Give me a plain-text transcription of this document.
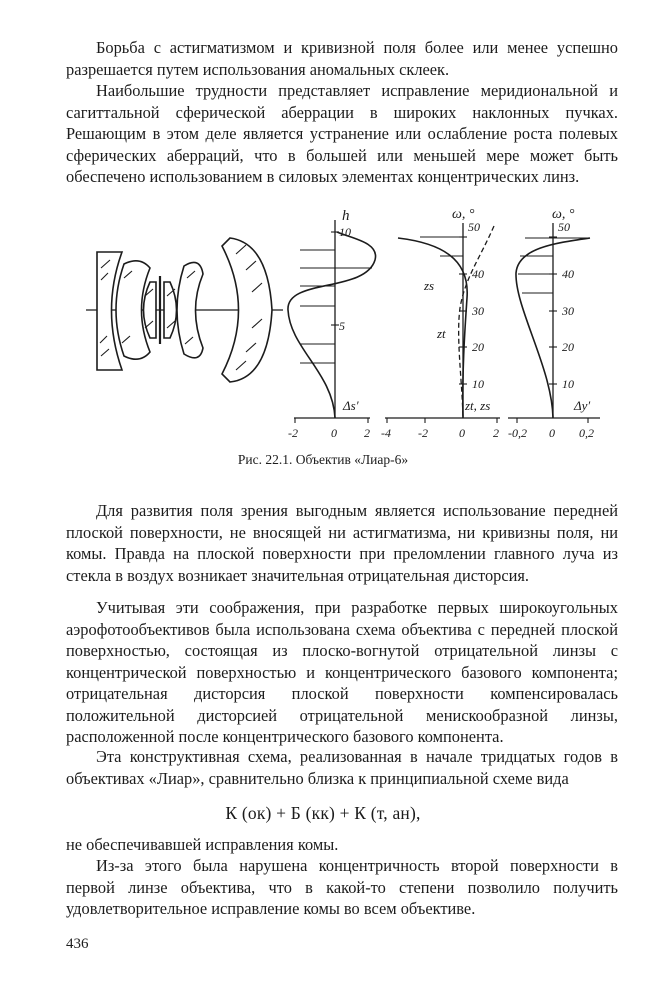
Борьба с астигматизмом и кривизной поля более или менее успешно разрешается путем использования аномальных склеек.

Наибольшие трудности представляет исправление меридиональной и сагиттальной сферической аберрации в широких наклонных пучках. Решающим в этом деле является устранение или ослабление роста полевых сферических аберраций, что в большей или меньшей мере может быть обеспечено использованием в силовых элементах концентрических линз.

h
10
5
Δs′
-2	0 2
ω, °
zs
zt
50
40
30
20
10
zt, zs
-4 -2	0 2
ω, °
50
40
30
20
10
Δy′
-0,2 0 0,2
Рис. 22.1. Объектив «Лиар-6»

Для развития поля зрения выгодным является использование передней плоской поверхности, не вносящей ни астигматизма, ни кривизны поля, ни комы. Правда на плоской поверхности при преломлении главного луча из стекла в воздух возникает значительная отрицательная дисторсия.

Учитывая эти соображения, при разработке первых широкоугольных аэрофотообъективов была использована схема объектива с передней плоской поверхностью, состоящая из плоско-вогнутой отрицательной линзы с концентрической поверхностью и концентрического базового компонента; отрицательная дисторсия плоской поверхности компенсировалась положительной дисторсией отрицательной менискообразной линзы, расположенной после концентрического базового компонента.

Эта конструктивная схема, реализованная в начале тридцатых годов в объективах «Лиар», сравнительно близка к принципиальной схеме вида

К (ок) + Б (кк) + К (т, ан),

не обеспечивавшей исправления комы.

Из-за этого была нарушена концентричность второй поверхности в первой линзе объектива, что в какой-то степени позволило получить удовлетворительное исправление комы во всем объективе.

436
